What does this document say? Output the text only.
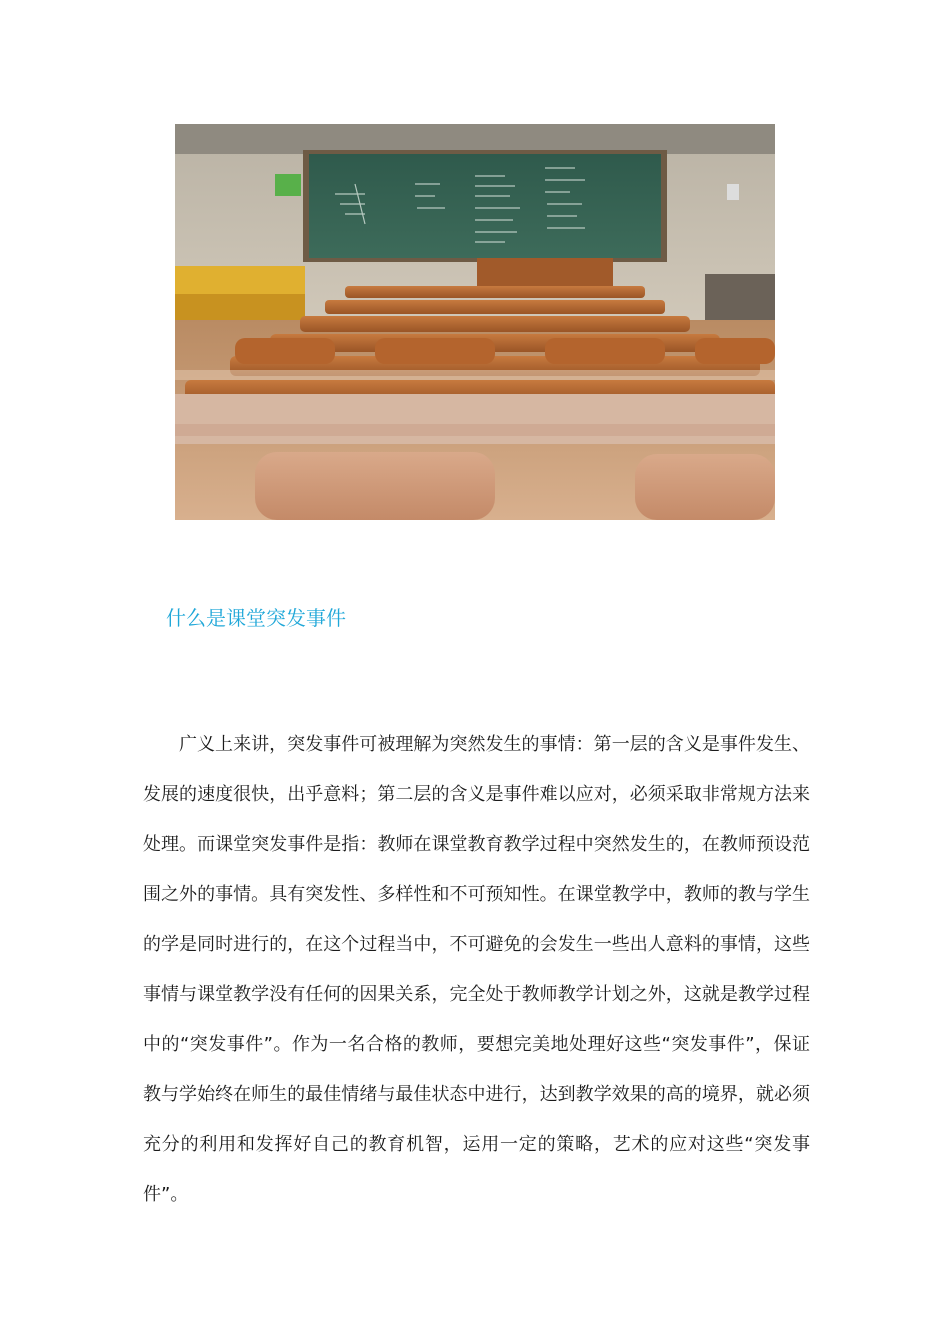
什么是课堂突发事件

广义上来讲，突发事件可被理解为突然发生的事情：第一层的含义是事件发生、发展的速度很快，出乎意料；第二层的含义是事件难以应对，必须采取非常规方法来处理。而课堂突发事件是指：教师在课堂教育教学过程中突然发生的，在教师预设范围之外的事情。具有突发性、多样性和不可预知性。在课堂教学中，教师的教与学生的学是同时进行的，在这个过程当中，不可避免的会发生一些出人意料的事情，这些事情与课堂教学没有任何的因果关系，完全处于教师教学计划之外，这就是教学过程中的“突发事件”。作为一名合格的教师，要想完美地处理好这些“突发事件”，保证教与学始终在师生的最佳情绪与最佳状态中进行，达到教学效果的高的境界，就必须充分的利用和发挥好自己的教育机智，运用一定的策略，艺术的应对这些“突发事件”。
